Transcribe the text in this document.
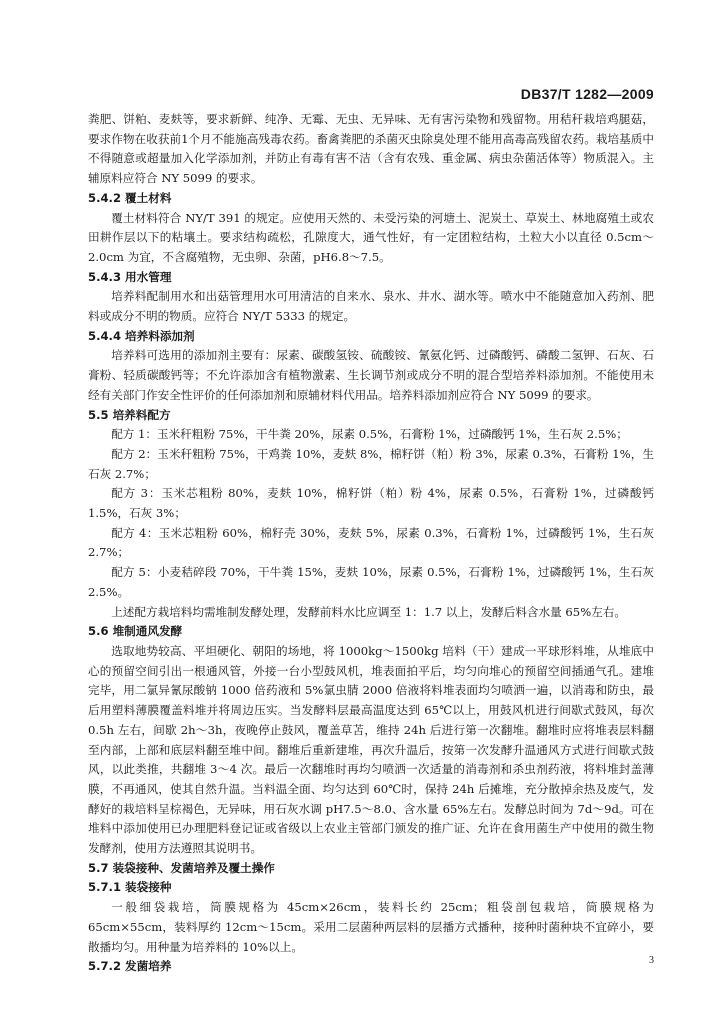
DB37/T 1282—2009

粪肥、饼粕、麦麸等，要求新鲜、纯净、无霉、无虫、无异味、无有害污染物和残留物。用秸秆栽培鸡腿菇，要求作物在收获前1个月不能施高残毒农药。畜禽粪肥的杀菌灭虫除臭处理不能用高毒高残留农药。栽培基质中不得随意或超量加入化学添加剂，并防止有毒有害不洁（含有农残、重金属、病虫杂菌活体等）物质混入。主辅原料应符合 NY 5099 的要求。

5.4.2 覆土材料

覆土材料符合 NY/T 391 的规定。应使用天然的、未受污染的河塘土、泥炭土、草炭土、林地腐殖土或农田耕作层以下的粘壤土。要求结构疏松，孔隙度大，通气性好，有一定团粒结构，土粒大小以直径 0.5cm～2.0cm 为宜，不含腐殖物，无虫卵、杂菌，pH6.8～7.5。

5.4.3 用水管理

培养料配制用水和出菇管理用水可用清洁的自来水、泉水、井水、湖水等。喷水中不能随意加入药剂、肥料或成分不明的物质。应符合 NY/T 5333 的规定。

5.4.4 培养料添加剂

培养料可选用的添加剂主要有：尿素、碳酸氢铵、硫酸铵、氰氨化钙、过磷酸钙、磷酸二氢钾、石灰、石膏粉、轻质碳酸钙等；不允许添加含有植物激素、生长调节剂或成分不明的混合型培养料添加剂。不能使用未经有关部门作安全性评价的任何添加剂和原辅材料代用品。培养料添加剂应符合 NY 5099 的要求。

5.5 培养料配方

配方 1：玉米秆粗粉 75%，干牛粪 20%，尿素 0.5%，石膏粉 1%，过磷酸钙 1%，生石灰 2.5%；

配方 2：玉米秆粗粉 75%，干鸡粪 10%，麦麸 8%，棉籽饼（粕）粉 3%，尿素 0.3%，石膏粉 1%，生石灰 2.7%；

配方 3：玉米芯粗粉 80%，麦麸 10%，棉籽饼（粕）粉 4%，尿素 0.5%，石膏粉 1%，过磷酸钙 1.5%，石灰 3%；

配方 4：玉米芯粗粉 60%，棉籽壳 30%，麦麸 5%，尿素 0.3%，石膏粉 1%，过磷酸钙 1%，生石灰 2.7%；

配方 5：小麦秸碎段 70%，干牛粪 15%，麦麸 10%，尿素 0.5%，石膏粉 1%，过磷酸钙 1%，生石灰 2.5%。

上述配方栽培料均需堆制发酵处理，发酵前料水比应调至 1：1.7 以上，发酵后料含水量 65%左右。

5.6 堆制通风发酵

选取地势较高、平坦硬化、朝阳的场地，将 1000kg～1500kg 培料（干）建成一平球形料堆，从堆底中心的预留空间引出一根通风管，外接一台小型鼓风机，堆表面拍平后，均匀向堆心的预留空间插通气孔。建堆完毕，用二氯异氰尿酸钠 1000 倍药液和 5%氯虫腈 2000 倍液将料堆表面均匀喷洒一遍，以消毒和防虫，最后用塑料薄膜覆盖料堆并将周边压实。当发酵料层最高温度达到 65℃以上，用鼓风机进行间歇式鼓风，每次 0.5h 左右，间歇 2h～3h，夜晚停止鼓风，覆盖草苫，维持 24h 后进行第一次翻堆。翻堆时应将堆表层料翻至内部，上部和底层料翻至堆中间。翻堆后重新建堆，再次升温后，按第一次发酵升温通风方式进行间歇式鼓风，以此类推，共翻堆 3～4 次。最后一次翻堆时再均匀喷洒一次适量的消毒剂和杀虫剂药液，将料堆封盖薄膜，不再通风，使其自然升温。当料温全面、均匀达到 60℃时，保持 24h 后摊堆，充分散掉余热及废气，发酵好的栽培料呈棕褐色，无异味，用石灰水调 pH7.5～8.0、含水量 65%左右。发酵总时间为 7d～9d。可在堆料中添加使用已办理肥料登记证或省级以上农业主管部门颁发的推广证、允许在食用菌生产中使用的微生物发酵剂，使用方法遵照其说明书。

5.7 装袋接种、发菌培养及覆土操作

5.7.1 装袋接种

一般细袋栽培，筒膜规格为 45cm×26cm，装料长约 25cm；粗袋剖包栽培，筒膜规格为 65cm×55cm，装料厚约 12cm～15cm。采用二层菌种两层料的层播方式播种，接种时菌种块不宜碎小，要散播均匀。用种量为培养料的 10%以上。

5.7.2 发菌培养	3
